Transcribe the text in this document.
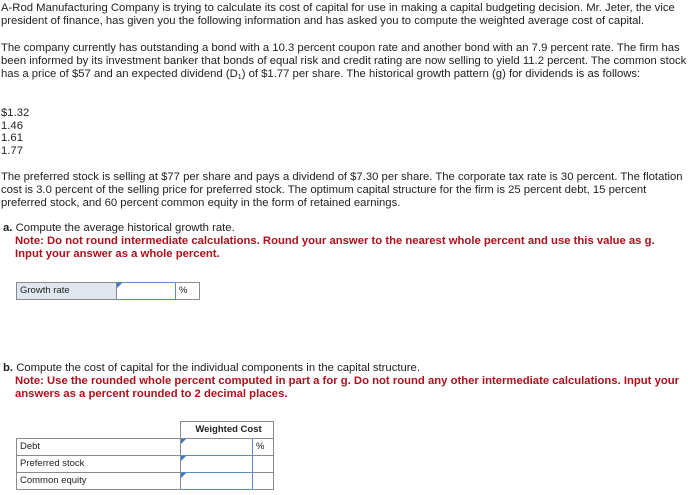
A-Rod Manufacturing Company is trying to calculate its cost of capital for use in making a capital budgeting decision. Mr. Jeter, the vice president of finance, has given you the following information and has asked you to compute the weighted average cost of capital.

The company currently has outstanding a bond with a 10.3 percent coupon rate and another bond with an 7.9 percent rate. The firm has been informed by its investment banker that bonds of equal risk and credit rating are now selling to yield 11.2 percent. The common stock has a price of $57 and an expected dividend $(D_1)$ of $1.77 per share. The historical growth pattern (g) for dividends is as follows:

$1.32
1.46
1.61
1.77

The preferred stock is selling at $77 per share and pays a dividend of $7.30 per share. The corporate tax rate is 30 percent. The flotation cost is 3.0 percent of the selling price for preferred stock. The optimum capital structure for the firm is 25 percent debt, 15 percent preferred stock, and 60 percent common equity in the form of retained earnings.

a. Compute the average historical growth rate.
Note: Do not round intermediate calculations. Round your answer to the nearest whole percent and use this value as g. Input your answer as a whole percent.
Growth rate		%
b. Compute the cost of capital for the individual components in the capital structure.
Note: Use the rounded whole percent computed in part a for g. Do not round any other intermediate calculations. Input your answers as a percent rounded to 2 decimal places.
	Weighted Cost	
Debt		%
Preferred stock		
Common equity		
